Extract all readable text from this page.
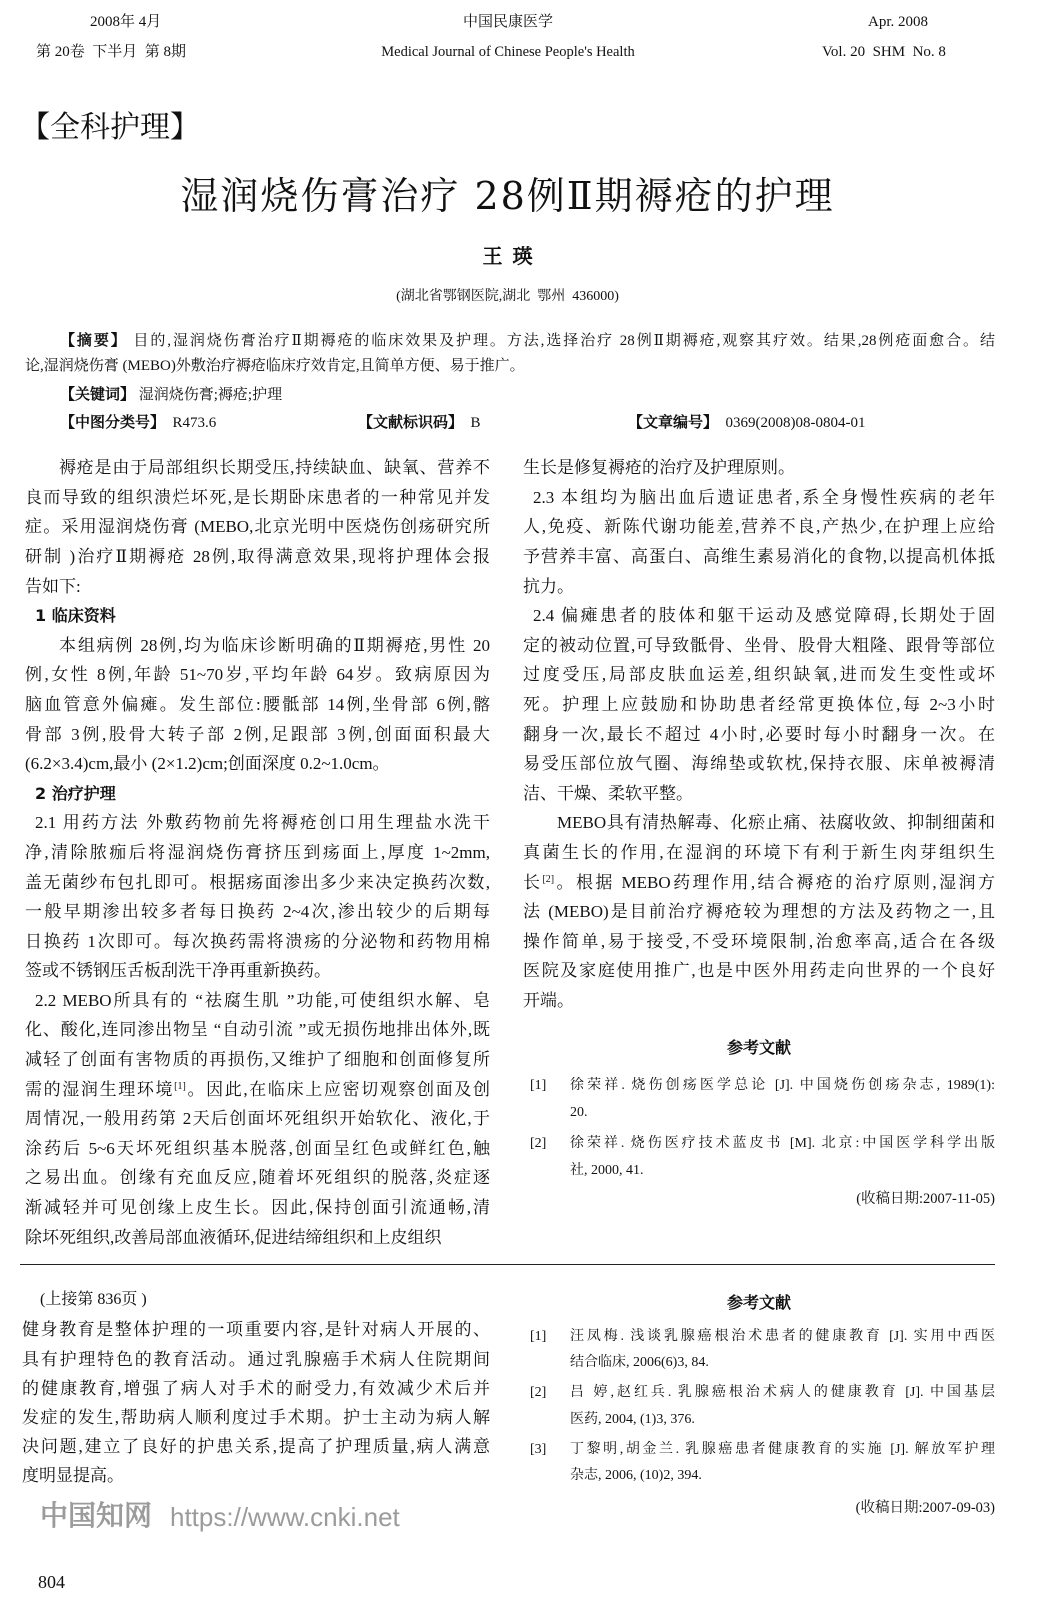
2008年 4月
第 20卷  下半月  第 8期
中国民康医学
Medical Journal of Chinese People's Health
Apr. 2008
Vol. 20  SHM  No. 8
【全科护理】
湿润烧伤膏治疗 28例Ⅱ期褥疮的护理
王  瑛
(湖北省鄂钢医院,湖北  鄂州  436000)
【摘要】 目的,湿润烧伤膏治疗Ⅱ期褥疮的临床效果及护理。方法,选择治疗 28例Ⅱ期褥疮,观察其疗效。结果,28例疮面愈合。结
论,湿润烧伤膏 (MEBO)外敷治疗褥疮临床疗效肯定,且简单方便、易于推广。
【关键词】 湿润烧伤膏;褥疮;护理
【中图分类号】 R473.6	【文献标识码】 B	【文章编号】 0369(2008)08-0804-01
褥疮是由于局部组织长期受压,持续缺血、缺氧、营养不
良而导致的组织溃烂坏死,是长期卧床患者的一种常见并发
症。采用湿润烧伤膏 (MEBO,北京光明中医烧伤创疡研究所
研制 )治疗Ⅱ期褥疮 28例,取得满意效果,现将护理体会报
告如下:
1 临床资料
本组病例 28例,均为临床诊断明确的Ⅱ期褥疮,男性 20
例,女性 8例,年龄 51~70岁,平均年龄 64岁。致病原因为
脑血管意外偏瘫。发生部位:腰骶部 14例,坐骨部 6例,髂
骨部 3例,股骨大转子部 2例,足跟部 3例,创面面积最大
(6.2×3.4)cm,最小 (2×1.2)cm;创面深度 0.2~1.0cm。
2 治疗护理
2.1 用药方法 外敷药物前先将褥疮创口用生理盐水洗干
净,清除脓痂后将湿润烧伤膏挤压到疡面上,厚度 1~2mm,
盖无菌纱布包扎即可。根据疡面渗出多少来决定换药次数,
一般早期渗出较多者每日换药 2~4次,渗出较少的后期每
日换药 1次即可。每次换药需将溃疡的分泌物和药物用棉
签或不锈钢压舌板刮洗干净再重新换药。
2.2 MEBO所具有的 “祛腐生肌 ”功能,可使组织水解、皂
化、酸化,连同渗出物呈 “自动引流 ”或无损伤地排出体外,既
减轻了创面有害物质的再损伤,又维护了细胞和创面修复所
需的湿润生理环境[1]。因此,在临床上应密切观察创面及创
周情况,一般用药第 2天后创面坏死组织开始软化、液化,于
涂药后 5~6天坏死组织基本脱落,创面呈红色或鲜红色,触
之易出血。创缘有充血反应,随着坏死组织的脱落,炎症逐
渐减轻并可见创缘上皮生长。因此,保持创面引流通畅,清
除坏死组织,改善局部血液循环,促进结缔组织和上皮组织
生长是修复褥疮的治疗及护理原则。
2.3 本组均为脑出血后遗证患者,系全身慢性疾病的老年
人,免疫、新陈代谢功能差,营养不良,产热少,在护理上应给
予营养丰富、高蛋白、高维生素易消化的食物,以提高机体抵
抗力。
2.4 偏瘫患者的肢体和躯干运动及感觉障碍,长期处于固
定的被动位置,可导致骶骨、坐骨、股骨大粗隆、跟骨等部位
过度受压,局部皮肤血运差,组织缺氧,进而发生变性或坏
死。护理上应鼓励和协助患者经常更换体位,每 2~3小时
翻身一次,最长不超过 4小时,必要时每小时翻身一次。在
易受压部位放气圈、海绵垫或软枕,保持衣服、床单被褥清
洁、干燥、柔软平整。
MEBO具有清热解毒、化瘀止痛、祛腐收敛、抑制细菌和
真菌生长的作用,在湿润的环境下有利于新生肉芽组织生
长[2]。根据 MEBO药理作用,结合褥疮的治疗原则,湿润方
法 (MEBO)是目前治疗褥疮较为理想的方法及药物之一,且
操作简单,易于接受,不受环境限制,治愈率高,适合在各级
医院及家庭使用推广,也是中医外用药走向世界的一个良好
开端。
参考文献
[1]	徐荣祥. 烧伤创疡医学总论 [J]. 中国烧伤创疡杂志, 1989(1):
20.
[2]	徐荣祥. 烧伤医疗技术蓝皮书 [M]. 北京:中国医学科学出版
社, 2000, 41.
(收稿日期:2007-11-05)
(上接第 836页 )
健身教育是整体护理的一项重要内容,是针对病人开展的、
具有护理特色的教育活动。通过乳腺癌手术病人住院期间
的健康教育,增强了病人对手术的耐受力,有效减少术后并
发症的发生,帮助病人顺利度过手术期。护士主动为病人解
决问题,建立了良好的护患关系,提高了护理质量,病人满意
度明显提高。
参考文献
[1]	汪凤梅. 浅谈乳腺癌根治术患者的健康教育 [J]. 实用中西医
结合临床, 2006(6)3, 84.
[2]	吕 婷,赵红兵. 乳腺癌根治术病人的健康教育 [J]. 中国基层
医药, 2004, (1)3, 376.
[3]	丁黎明,胡金兰. 乳腺癌患者健康教育的实施 [J]. 解放军护理
杂志, 2006, (10)2, 394.
(收稿日期:2007-09-03)
中国知网 https://www.cnki.net
804
